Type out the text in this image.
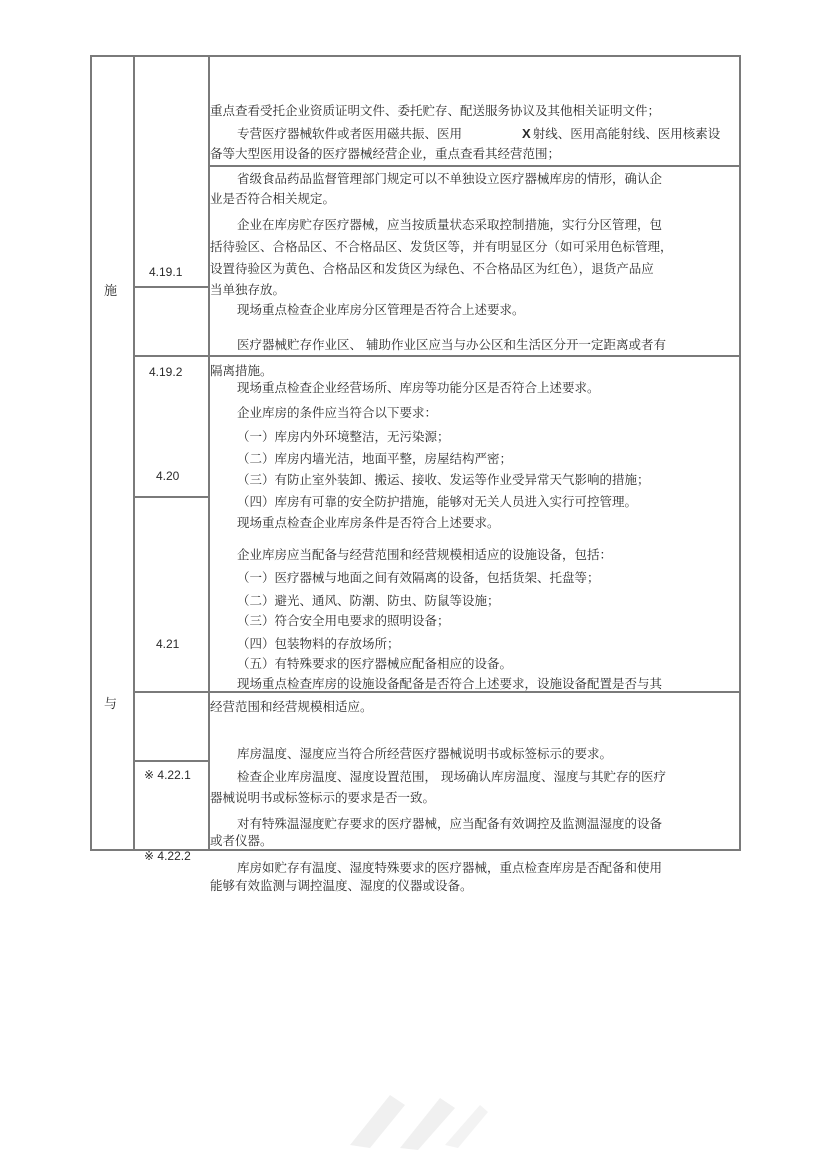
施
与
4.19.1
4.19.2
4.20
4.21
※ 4.22.1
※ 4.22.2
重点查看受托企业资质证明文件、委托贮存、配送服务协议及其他相关证明文件；
专营医疗器械软件或者医用磁共振、医用	X 射线、医用高能射线、医用核素设
备等大型医用设备的医疗器械经营企业，重点查看其经营范围；
省级食品药品监督管理部门规定可以不单独设立医疗器械库房的情形，确认企
业是否符合相关规定。
企业在库房贮存医疗器械，应当按质量状态采取控制措施，实行分区管理，包
括待验区、合格品区、不合格品区、发货区等，并有明显区分（如可采用色标管理，
设置待验区为黄色、合格品区和发货区为绿色、不合格品区为红色），退货产品应
当单独存放。
现场重点检查企业库房分区管理是否符合上述要求。
医疗器械贮存作业区、 辅助作业区应当与办公区和生活区分开一定距离或者有
隔离措施。
现场重点检查企业经营场所、库房等功能分区是否符合上述要求。
企业库房的条件应当符合以下要求：
（一）库房内外环境整洁，无污染源；
（二）库房内墙光洁，地面平整，房屋结构严密；
（三）有防止室外装卸、搬运、接收、发运等作业受异常天气影响的措施；
（四）库房有可靠的安全防护措施，能够对无关人员进入实行可控管理。
现场重点检查企业库房条件是否符合上述要求。
企业库房应当配备与经营范围和经营规模相适应的设施设备，包括：
（一）医疗器械与地面之间有效隔离的设备，包括货架、托盘等；
（二）避光、通风、防潮、防虫、防鼠等设施；
（三）符合安全用电要求的照明设备；
（四）包装物料的存放场所；
（五）有特殊要求的医疗器械应配备相应的设备。
现场重点检查库房的设施设备配备是否符合上述要求，设施设备配置是否与其
经营范围和经营规模相适应。
库房温度、湿度应当符合所经营医疗器械说明书或标签标示的要求。
检查企业库房温度、湿度设置范围， 现场确认库房温度、湿度与其贮存的医疗
器械说明书或标签标示的要求是否一致。
对有特殊温湿度贮存要求的医疗器械，应当配备有效调控及监测温湿度的设备
或者仪器。
库房如贮存有温度、湿度特殊要求的医疗器械，重点检查库房是否配备和使用
能够有效监测与调控温度、湿度的仪器或设备。
